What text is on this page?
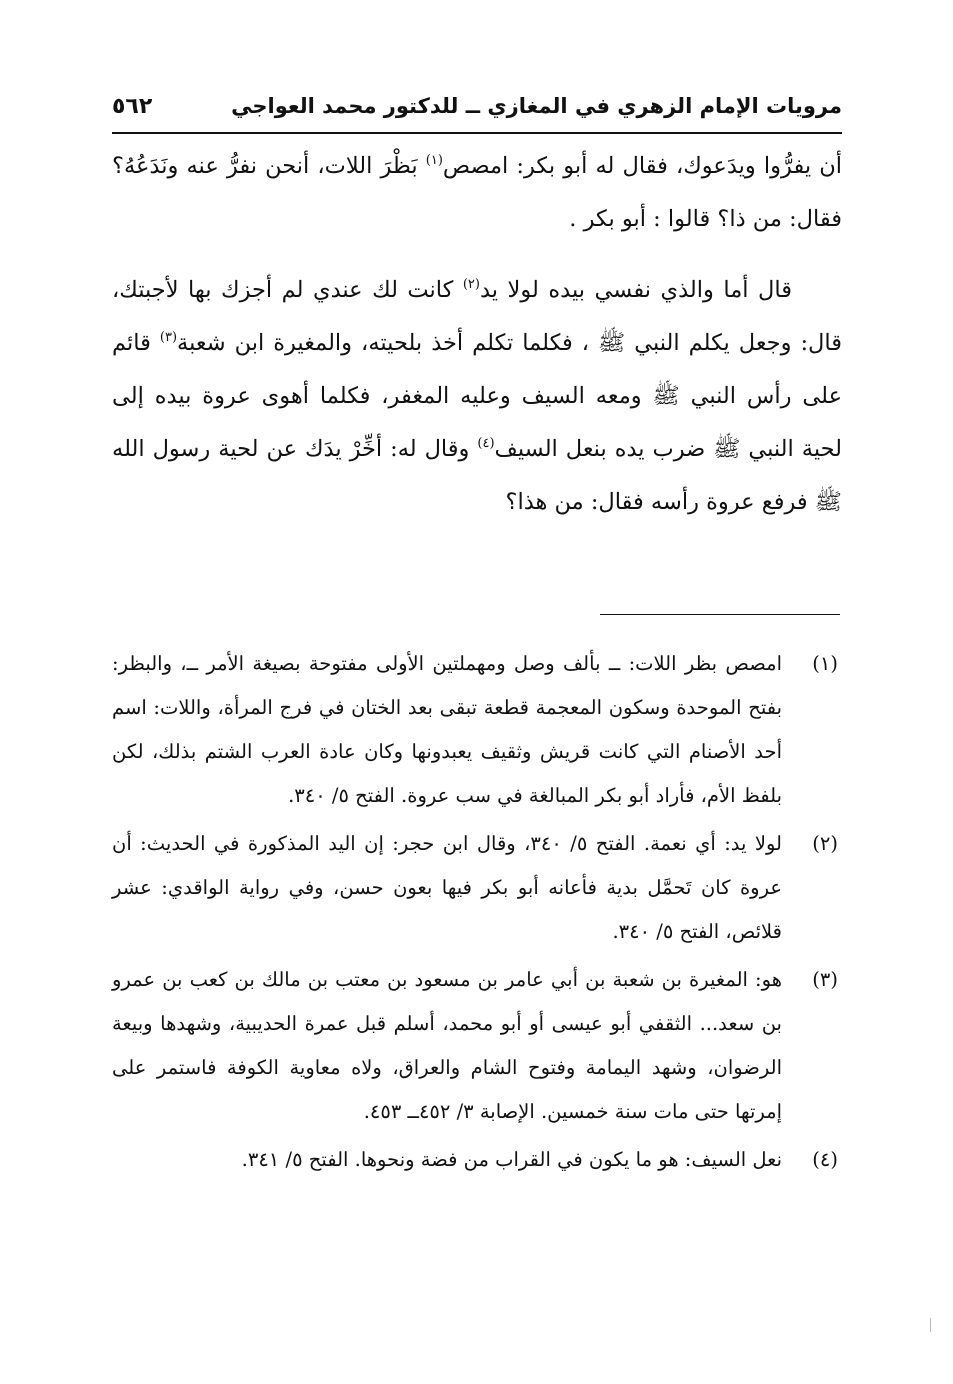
مرويات الإمام الزهري في المغازي ــ للدكتور محمد العواجي
٥٦٢

أن يفرُّوا ويدَعوك، فقال له أبو بكر: امصص$^{(١)}$ بَظْرَ اللات، أنحن نفرُّ عنه ونَدَعُهُ؟ فقال: من ذا؟ قالوا : أبو بكر .

قال أما والذي نفسي بيده لولا يد$^{(٢)}$ كانت لك عندي لم أجزك بها لأجبتك، قال: وجعل يكلم النبي ﷺ ، فكلما تكلم أخذ بلحيته، والمغيرة ابن شعبة$^{(٣)}$ قائم على رأس النبي ﷺ ومعه السيف وعليه المغفر، فكلما أهوى عروة بيده إلى لحية النبي ﷺ ضرب يده بنعل السيف$^{(٤)}$ وقال له: أخِّرْ يدَك عن لحية رسول الله ﷺ فرفع عروة رأسه فقال: من هذا؟

(١)
امصص بظر اللات: ــ بألف وصل ومهملتين الأولى مفتوحة بصيغة الأمر ــ، والبظر: بفتح الموحدة وسكون المعجمة قطعة تبقى بعد الختان في فرج المرأة، واللات: اسم أحد الأصنام التي كانت قريش وثقيف يعبدونها وكان عادة العرب الشتم بذلك، لكن بلفظ الأم، فأراد أبو بكر المبالغة في سب عروة. الفتح ٥/ ٣٤٠.
(٢)
لولا يد: أي نعمة. الفتح ٥/ ٣٤٠، وقال ابن حجر: إن اليد المذكورة في الحديث: أن عروة كان تَحمَّل بدية فأعانه أبو بكر فيها بعون حسن، وفي رواية الواقدي: عشر قلائص، الفتح ٥/ ٣٤٠.
(٣)
هو: المغيرة بن شعبة بن أبي عامر بن مسعود بن معتب بن مالك بن كعب بن عمرو بن سعد... الثقفي أبو عيسى أو أبو محمد، أسلم قبل عمرة الحديبية، وشهدها وبيعة الرضوان، وشهد اليمامة وفتوح الشام والعراق، ولاه معاوية الكوفة فاستمر على إمرتها حتى مات سنة خمسين. الإصابة ٣/ ٤٥٢ــ ٤٥٣.
(٤)
نعل السيف: هو ما يكون في القراب من فضة ونحوها. الفتح ٥/ ٣٤١.
